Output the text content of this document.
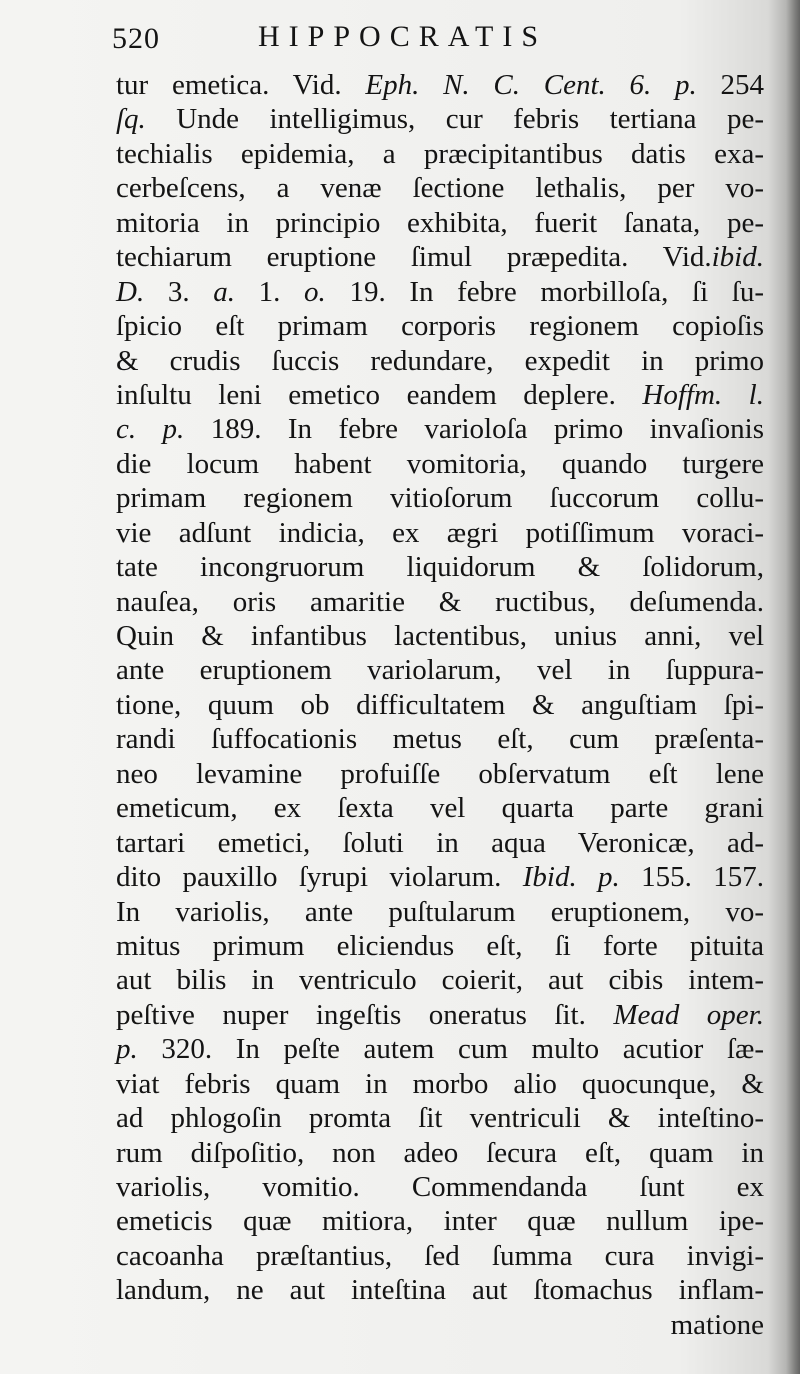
520	HIPPOCRATIS
tur emetica. Vid. Eph. N. C. Cent. 6. p. 254
ſq. Unde intelligimus, cur febris tertiana pe-
techialis epidemia, a præcipitantibus datis exa-
cerbeſcens, a venæ ſectione lethalis, per vo-
mitoria in principio exhibita, fuerit ſanata, pe-
techiarum eruptione ſimul præpedita. Vid.ibid.
D. 3. a. 1. o. 19. In febre morbilloſa, ſi ſu-
ſpicio eſt primam corporis regionem copioſis
& crudis ſuccis redundare, expedit in primo
inſultu leni emetico eandem deplere. Hoffm. l.
c. p. 189. In febre varioloſa primo invaſionis
die locum habent vomitoria, quando turgere
primam regionem vitioſorum ſuccorum collu-
vie adſunt indicia, ex ægri potiſſimum voraci-
tate incongruorum liquidorum & ſolidorum,
nauſea, oris amaritie & ructibus, deſumenda.
Quin & infantibus lactentibus, unius anni, vel
ante eruptionem variolarum, vel in ſuppura-
tione, quum ob difficultatem & anguſtiam ſpi-
randi ſuffocationis metus eſt, cum præſenta-
neo levamine profuiſſe obſervatum eſt lene
emeticum, ex ſexta vel quarta parte grani
tartari emetici, ſoluti in aqua Veronicæ, ad-
dito pauxillo ſyrupi violarum. Ibid. p. 155. 157.
In variolis, ante puſtularum eruptionem, vo-
mitus primum eliciendus eſt, ſi forte pituita
aut bilis in ventriculo coierit, aut cibis intem-
peſtive nuper ingeſtis oneratus ſit. Mead oper.
p. 320. In peſte autem cum multo acutior ſæ-
viat febris quam in morbo alio quocunque, &
ad phlogoſin promta ſit ventriculi & inteſtino-
rum diſpoſitio, non adeo ſecura eſt, quam in
variolis, vomitio. Commendanda ſunt ex
emeticis quæ mitiora, inter quæ nullum ipe-
cacoanha præſtantius, ſed ſumma cura invigi-
landum, ne aut inteſtina aut ſtomachus inflam-
matione
